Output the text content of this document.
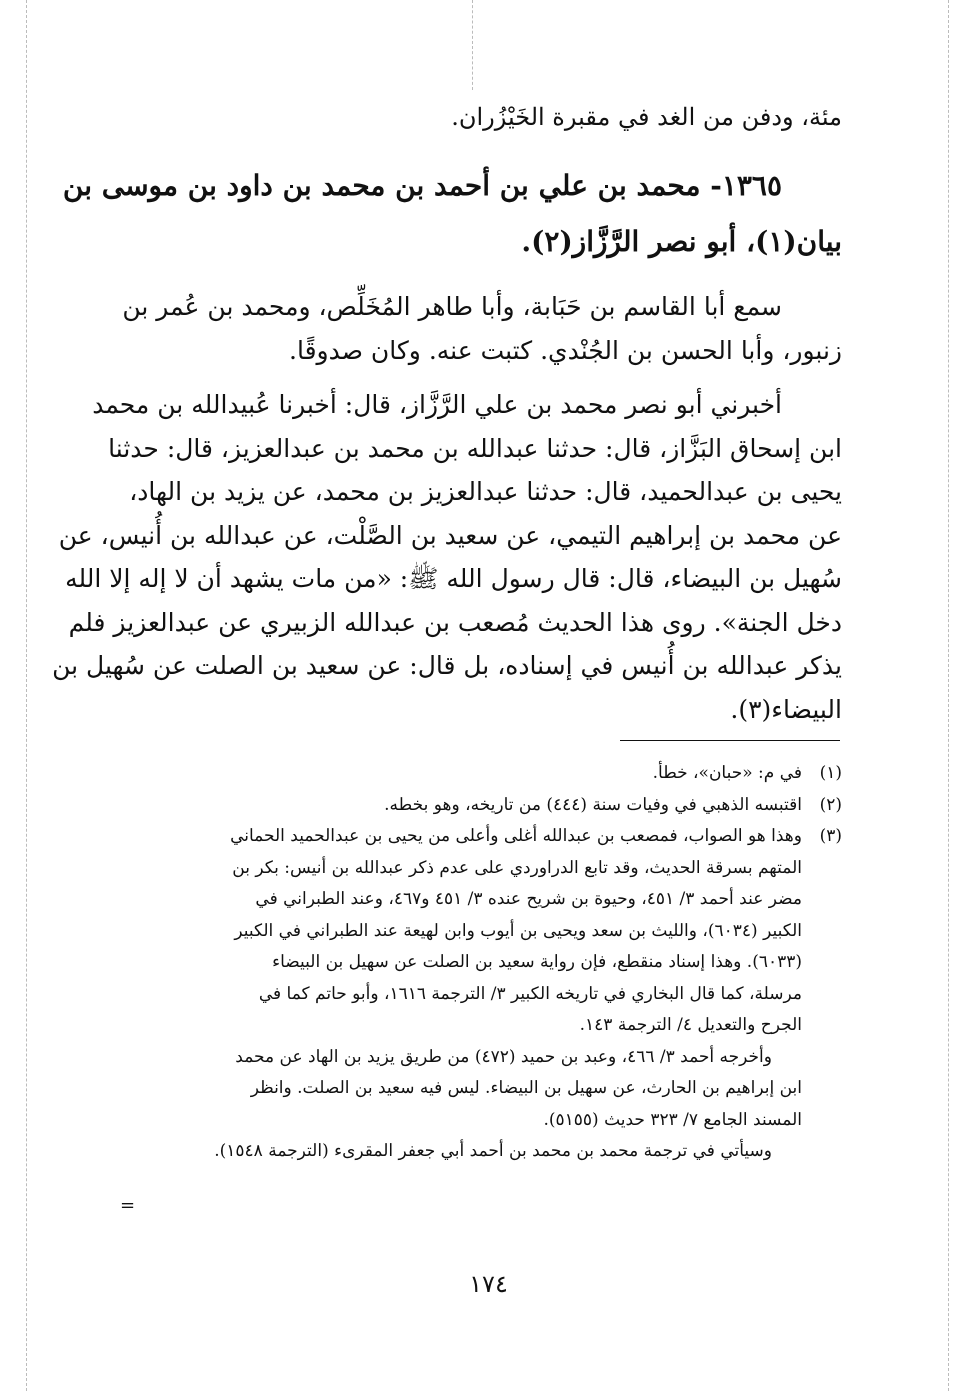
مئة، ودفن من الغد في مقبرة الخَيْزُران.
١٣٦٥- محمد بن علي بن أحمد بن محمد بن داود بن موسى بن
بيان(١)، أبو نصر الرَّزَّاز(٢).
سمع أبا القاسم بن حَبَابة، وأبا طاهر المُخَلِّص، ومحمد بن عُمر بن
زنبور، وأبا الحسن بن الجُنْدي. كتبت عنه. وكان صدوقًا.
أخبرني أبو نصر محمد بن علي الرَّزَّاز، قال: أخبرنا عُبيدالله بن محمد
ابن إسحاق البَزَّاز، قال: حدثنا عبدالله بن محمد بن عبدالعزيز، قال: حدثنا
يحيى بن عبدالحميد، قال: حدثنا عبدالعزيز بن محمد، عن يزيد بن الهاد،
عن محمد بن إبراهيم التيمي، عن سعيد بن الصَّلْت، عن عبدالله بن أُنيس، عن
سُهيل بن البيضاء، قال: قال رسول الله ﷺ: «من مات يشهد أن لا إله إلا الله
دخل الجنة». روى هذا الحديث مُصعب بن عبدالله الزبيري عن عبدالعزيز فلم
يذكر عبدالله بن أُنيس في إسناده، بل قال: عن سعيد بن الصلت عن سُهيل بن
البيضاء(٣).
(١)
في م: «حبان»، خطأ.
(٢)
اقتبسه الذهبي في وفيات سنة (٤٤٤) من تاريخه، وهو بخطه.
(٣)
وهذا هو الصواب، فمصعب بن عبدالله أغلى وأعلى من يحيى بن عبدالحميد الحماني
المتهم بسرقة الحديث، وقد تابع الدراوردي على عدم ذكر عبدالله بن أنيس: بكر بن
مضر عند أحمد ٣/ ٤٥١، وحيوة بن شريح عنده ٣/ ٤٥١ و٤٦٧، وعند الطبراني في
الكبير (٦٠٣٤)، والليث بن سعد ويحيى بن أيوب وابن لهيعة عند الطبراني في الكبير
(٦٠٣٣). وهذا إسناد منقطع، فإن رواية سعيد بن الصلت عن سهيل بن البيضاء
مرسلة، كما قال البخاري في تاريخه الكبير ٣/ الترجمة ١٦١٦، وأبو حاتم كما في
الجرح والتعديل ٤/ الترجمة ١٤٣.
وأخرجه أحمد ٣/ ٤٦٦، وعبد بن حميد (٤٧٢) من طريق يزيد بن الهاد عن محمد
ابن إبراهيم بن الحارث، عن سهيل بن البيضاء. ليس فيه سعيد بن الصلت. وانظر
المسند الجامع ٧/ ٣٢٣ حديث (٥١٥٥).
وسيأتي في ترجمة محمد بن محمد بن أحمد أبي جعفر المقرىء (الترجمة ١٥٤٨).
=
١٧٤
